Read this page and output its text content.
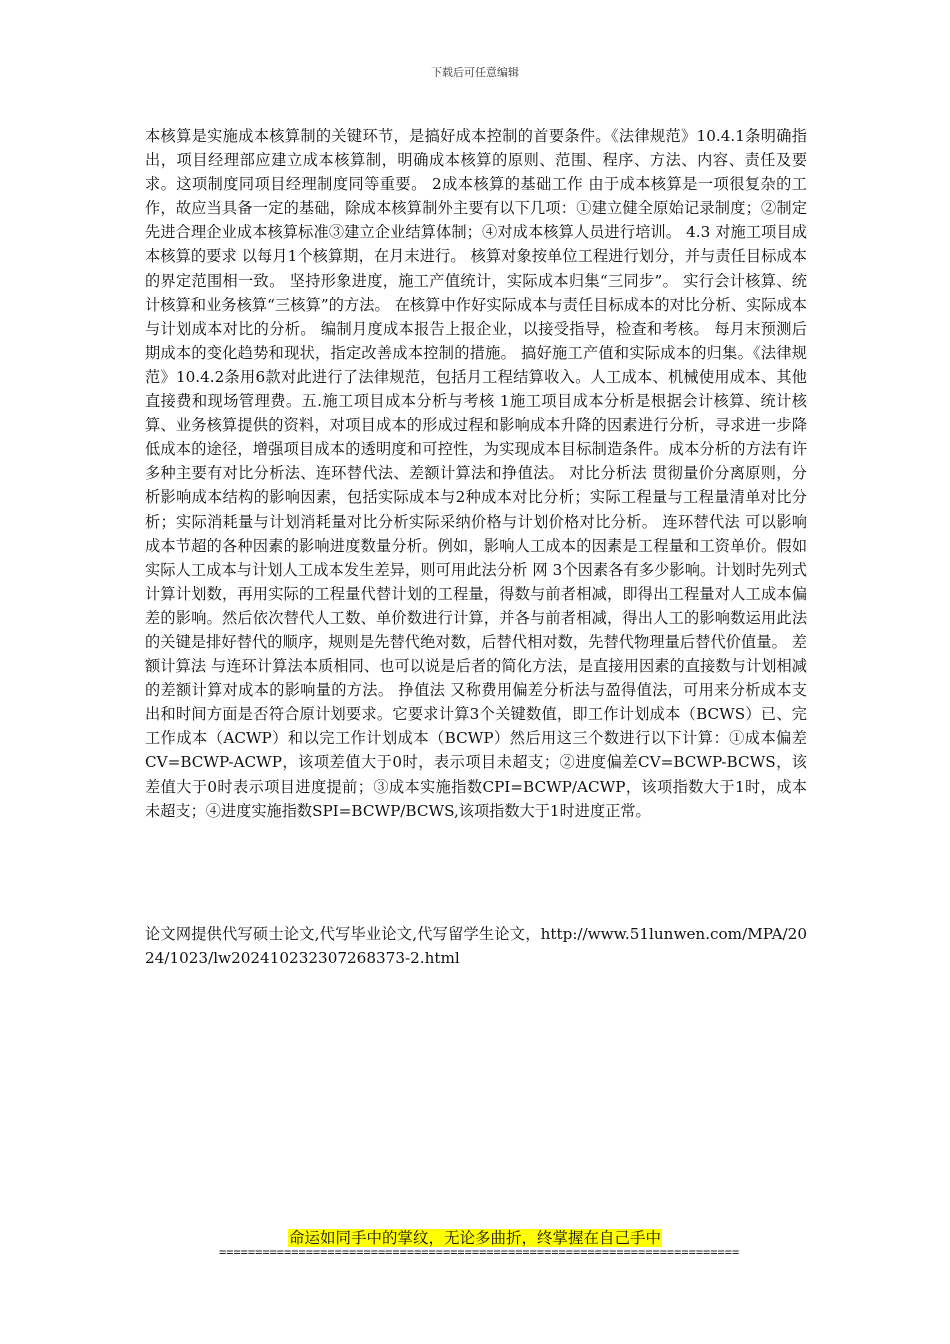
下载后可任意编辑

本核算是实施成本核算制的关键环节，是搞好成本控制的首要条件。《法律规范》10.4.1条明确指出，项目经理部应建立成本核算制，明确成本核算的原则、范围、程序、方法、内容、责任及要求。这项制度同项目经理制度同等重要。 2成本核算的基础工作 由于成本核算是一项很复杂的工作，故应当具备一定的基础，除成本核算制外主要有以下几项：①建立健全原始记录制度；②制定先进合理企业成本核算标准③建立企业结算体制；④对成本核算人员进行培训。 4.3 对施工项目成本核算的要求 以每月1个核算期，在月末进行。 核算对象按单位工程进行划分，并与责任目标成本的界定范围相一致。 坚持形象进度，施工产值统计，实际成本归集“三同步”。 实行会计核算、统计核算和业务核算“三核算”的方法。 在核算中作好实际成本与责任目标成本的对比分析、实际成本与计划成本对比的分析。 编制月度成本报告上报企业，以接受指导，检查和考核。 每月末预测后期成本的变化趋势和现状，指定改善成本控制的措施。 搞好施工产值和实际成本的归集。《法律规范》10.4.2条用6款对此进行了法律规范，包括月工程结算收入。人工成本、机械使用成本、其他直接费和现场管理费。五.施工项目成本分析与考核 1施工项目成本分析是根据会计核算、统计核算、业务核算提供的资料，对项目成本的形成过程和影响成本升降的因素进行分析，寻求进一步降低成本的途径，增强项目成本的透明度和可控性，为实现成本目标制造条件。成本分析的方法有许多种主要有对比分析法、连环替代法、差额计算法和挣值法。 对比分析法 贯彻量价分离原则，分析影响成本结构的影响因素，包括实际成本与2种成本对比分析；实际工程量与工程量清单对比分析；实际消耗量与计划消耗量对比分析实际采纳价格与计划价格对比分析。 连环替代法 可以影响成本节超的各种因素的影响进度数量分析。例如，影响人工成本的因素是工程量和工资单价。假如实际人工成本与计划人工成本发生差异，则可用此法分析 网 3个因素各有多少影响。计划时先列式计算计划数，再用实际的工程量代替计划的工程量，得数与前者相减，即得出工程量对人工成本偏差的影响。然后依次替代人工数、单价数进行计算，并各与前者相减，得出人工的影响数运用此法的关键是排好替代的顺序，规则是先替代绝对数，后替代相对数，先替代物理量后替代价值量。 差额计算法 与连环计算法本质相同、也可以说是后者的简化方法，是直接用因素的直接数与计划相减的差额计算对成本的影响量的方法。 挣值法 又称费用偏差分析法与盈得值法，可用来分析成本支出和时间方面是否符合原计划要求。它要求计算3个关键数值，即工作计划成本（BCWS）已、完工作成本（ACWP）和以完工作计划成本（BCWP）然后用这三个数进行以下计算：①成本偏差CV=BCWP-ACWP，该项差值大于0时，表示项目未超支；②进度偏差CV=BCWP-BCWS，该差值大于0时表示项目进度提前；③成本实施指数CPI=BCWP/ACWP，该项指数大于1时，成本未超支；④进度实施指数SPI=BCWP/BCWS,该项指数大于1时进度正常。

论文网提供代写硕士论文,代写毕业论文,代写留学生论文，http://www.51lunwen.com/MPA/2024/1023/lw202410232307268373-2.html

命运如同手中的掌纹，无论多曲折，终掌握在自己手中
========================================================================
